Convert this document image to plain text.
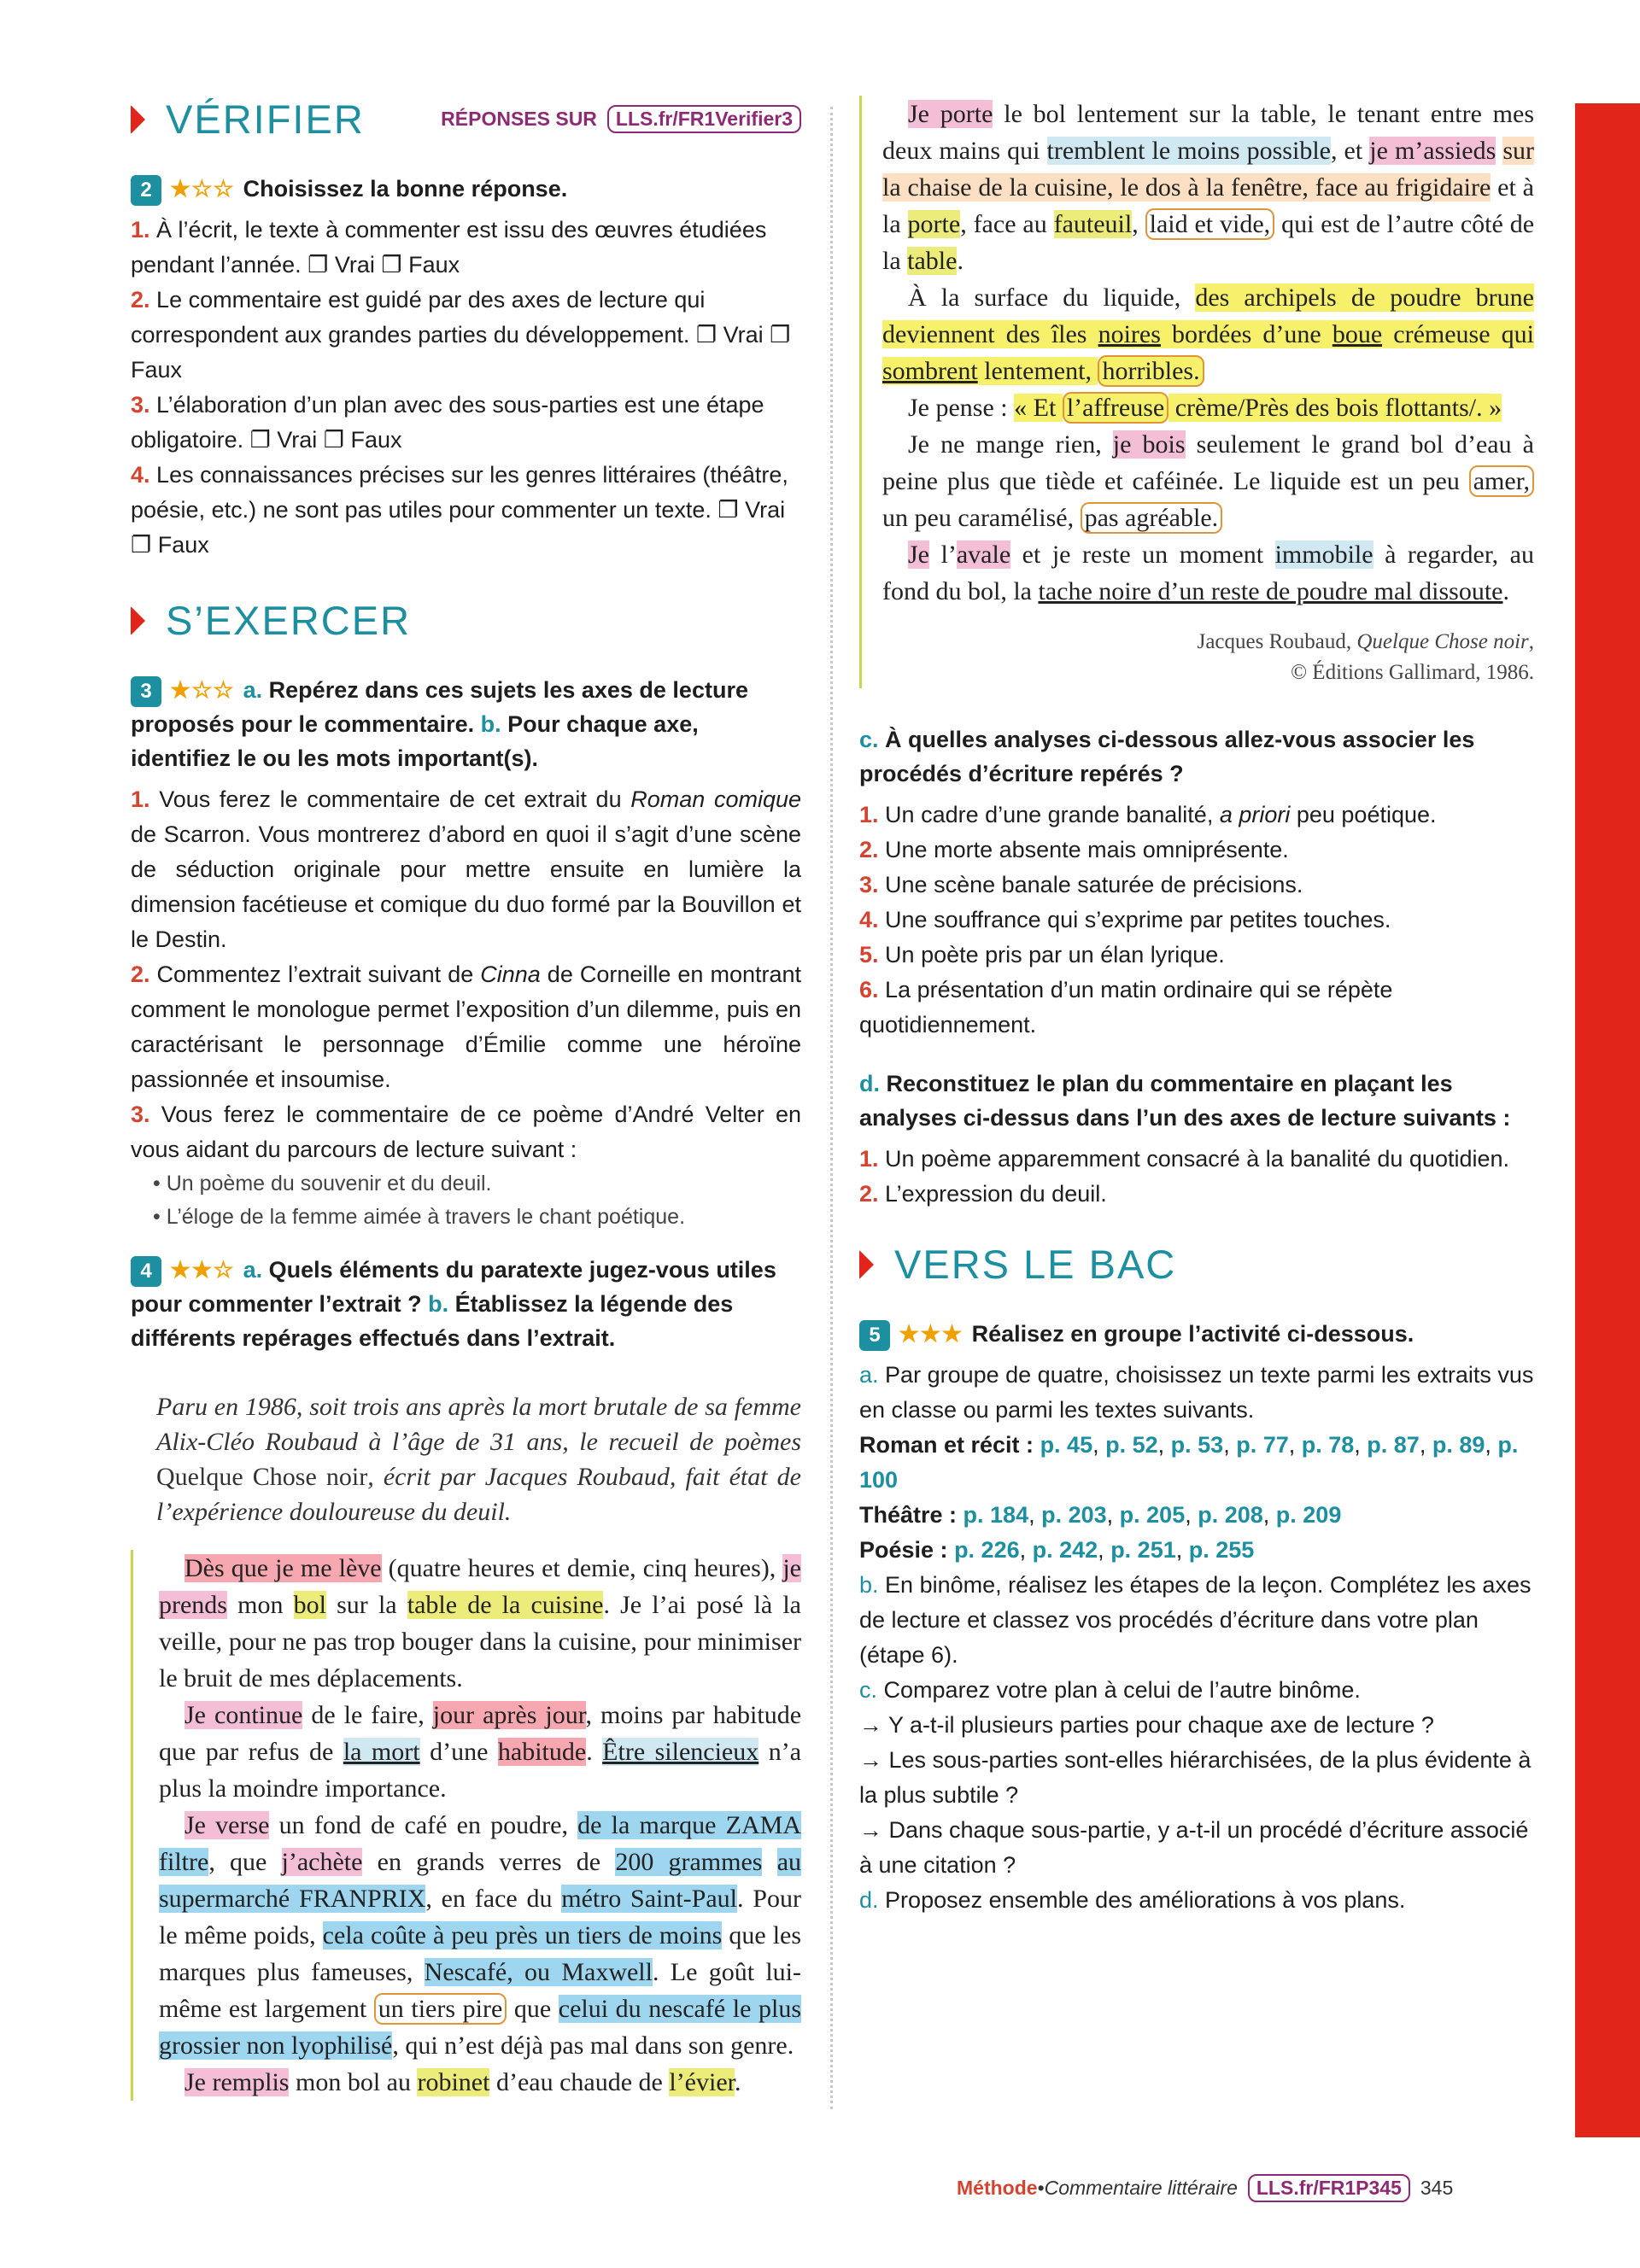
VÉRIFIER	RÉPONSES SUR LLS.fr/FR1Verifier3
2 ★☆☆ Choisissez la bonne réponse.
1. À l’écrit, le texte à commenter est issu des œuvres étudiées pendant l’année. ❐ Vrai ❐ Faux
2. Le commentaire est guidé par des axes de lecture qui correspondent aux grandes parties du développement. ❐ Vrai ❐ Faux
3. L’élaboration d’un plan avec des sous-parties est une étape obligatoire. ❐ Vrai ❐ Faux
4. Les connaissances précises sur les genres littéraires (théâtre, poésie, etc.) ne sont pas utiles pour commenter un texte. ❐ Vrai ❐ Faux
S’EXERCER
3 ★☆☆ a. Repérez dans ces sujets les axes de lecture proposés pour le commentaire. b. Pour chaque axe, identifiez le ou les mots important(s).
1. Vous ferez le commentaire de cet extrait du Roman comique de Scarron. Vous montrerez d’abord en quoi il s’agit d’une scène de séduction originale pour mettre ensuite en lumière la dimension facétieuse et comique du duo formé par la Bouvillon et le Destin.
2. Commentez l’extrait suivant de Cinna de Corneille en montrant comment le monologue permet l’exposition d’un dilemme, puis en caractérisant le personnage d’Émilie comme une héroïne passionnée et insoumise.
3. Vous ferez le commentaire de ce poème d’André Velter en vous aidant du parcours de lecture suivant :
• Un poème du souvenir et du deuil.
• L’éloge de la femme aimée à travers le chant poétique.
4 ★★☆ a. Quels éléments du paratexte jugez-vous utiles pour commenter l’extrait ? b. Établissez la légende des différents repérages effectués dans l’extrait.
Paru en 1986, soit trois ans après la mort brutale de sa femme Alix-Cléo Roubaud à l’âge de 31 ans, le recueil de poèmes Quelque Chose noir, écrit par Jacques Roubaud, fait état de l’expérience douloureuse du deuil.

Dès que je me lève (quatre heures et demie, cinq heures), je prends mon bol sur la table de la cuisine. Je l’ai posé là la veille, pour ne pas trop bouger dans la cuisine, pour minimiser le bruit de mes déplacements.

Je continue de le faire, jour après jour, moins par habitude que par refus de la mort d’une habitude. Être silencieux n’a plus la moindre importance.

Je verse un fond de café en poudre, de la marque ZAMA filtre, que j’achète en grands verres de 200 grammes au supermarché FRANPRIX, en face du métro Saint-Paul. Pour le même poids, cela coûte à peu près un tiers de moins que les marques plus fameuses, Nescafé, ou Maxwell. Le goût lui-même est largement un tiers pire que celui du nescafé le plus grossier non lyophilisé, qui n’est déjà pas mal dans son genre.

Je remplis mon bol au robinet d’eau chaude de l’évier.

Je porte le bol lentement sur la table, le tenant entre mes deux mains qui tremblent le moins possible, et je m’assieds sur la chaise de la cuisine, le dos à la fenêtre, face au frigidaire et à la porte, face au fauteuil, laid et vide, qui est de l’autre côté de la table.

À la surface du liquide, des archipels de poudre brune deviennent des îles noires bordées d’une boue crémeuse qui sombrent lentement, horribles.

Je pense : « Et l’affreuse crème/Près des bois flottants/. »

Je ne mange rien, je bois seulement le grand bol d’eau à peine plus que tiède et caféinée. Le liquide est un peu amer, un peu caramélisé, pas agréable.

Je l’avale et je reste un moment immobile à regarder, au fond du bol, la tache noire d’un reste de poudre mal dissoute.

Jacques Roubaud, Quelque Chose noir,
© Éditions Gallimard, 1986.
c. À quelles analyses ci-dessous allez-vous associer les procédés d’écriture repérés ?
1. Un cadre d’une grande banalité, a priori peu poétique.
2. Une morte absente mais omniprésente.
3. Une scène banale saturée de précisions.
4. Une souffrance qui s’exprime par petites touches.
5. Un poète pris par un élan lyrique.
6. La présentation d’un matin ordinaire qui se répète quotidiennement.
d. Reconstituez le plan du commentaire en plaçant les analyses ci-dessus dans l’un des axes de lecture suivants :
1. Un poème apparemment consacré à la banalité du quotidien.
2. L’expression du deuil.
VERS LE BAC
5 ★★★ Réalisez en groupe l’activité ci-dessous.
a. Par groupe de quatre, choisissez un texte parmi les extraits vus en classe ou parmi les textes suivants.
Roman et récit : p. 45, p. 52, p. 53, p. 77, p. 78, p. 87, p. 89, p. 100
Théâtre : p. 184, p. 203, p. 205, p. 208, p. 209
Poésie : p. 226, p. 242, p. 251, p. 255
b. En binôme, réalisez les étapes de la leçon. Complétez les axes de lecture et classez vos procédés d’écriture dans votre plan (étape 6).
c. Comparez votre plan à celui de l’autre binôme.
→ Y a-t-il plusieurs parties pour chaque axe de lecture ?
→ Les sous-parties sont-elles hiérarchisées, de la plus évidente à la plus subtile ?
→ Dans chaque sous-partie, y a-t-il un procédé d’écriture associé à une citation ?
d. Proposez ensemble des améliorations à vos plans.
Méthode • Commentaire littéraire LLS.fr/FR1P345 345
